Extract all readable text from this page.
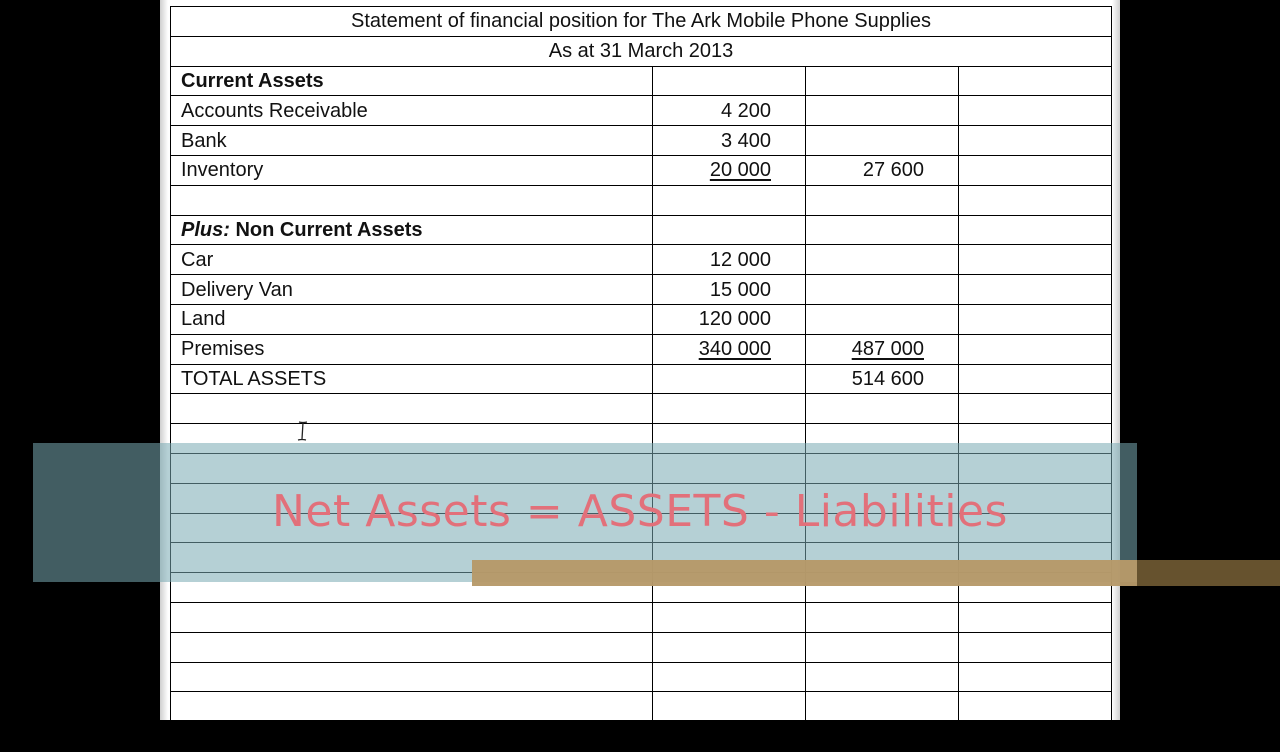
Statement of financial position for The Ark Mobile Phone Supplies			
As at 31 March 2013			
Current Assets			
Accounts Receivable	4 200		
Bank	3 400		
Inventory	20 000	27 600	

Plus: Non Current Assets			
Car	12 000		
Delivery Van	15 000		
Land	120 000		
Premises	340 000	487 000	
TOTAL ASSETS		514 600	

Net Assets = ASSETS - Liabilities
